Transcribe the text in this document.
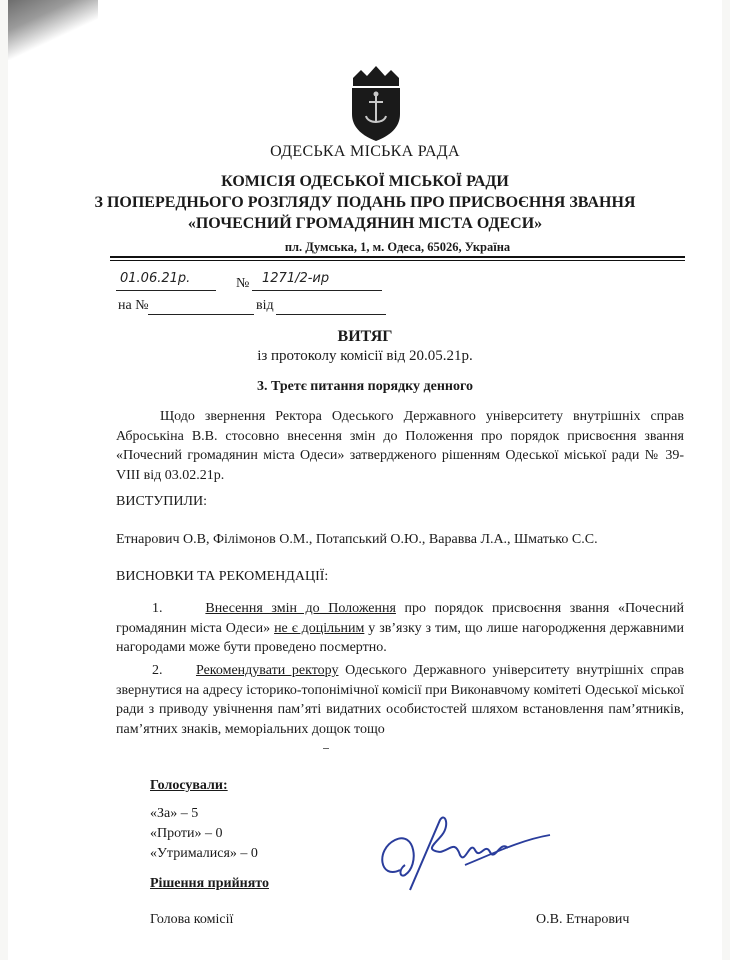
ОДЕСЬКА МІСЬКА РАДА
КОМІСІЯ ОДЕСЬКОЇ МІСЬКОЇ РАДИ
З ПОПЕРЕДНЬОГО РОЗГЛЯДУ ПОДАНЬ ПРО ПРИСВОЄННЯ ЗВАННЯ
«ПОЧЕСНИЙ ГРОМАДЯНИН МІСТА ОДЕСИ»
пл. Думська, 1, м. Одеса, 65026, Україна
01.06.21р.	№ 1271/2-ир
на №	від
ВИТЯГ
із протоколу комісії від 20.05.21р.
3. Третє питання порядку денного
Щодо звернення Ректора Одеського Державного університету внутрішніх справ Аброськіна В.В. стосовно внесення змін до Положення про порядок присвоєння звання «Почесний громадянин міста Одеси» затвердженого рішенням Одеської міської ради № 39-VIII від 03.02.21р.
ВИСТУПИЛИ:
Етнарович О.В, Філімонов О.М., Потапський О.Ю., Варавва Л.А., Шматько С.С.
ВИСНОВКИ ТА РЕКОМЕНДАЦІЇ:
1.	Внесення змін до Положення про порядок присвоєння звання «Почесний громадянин міста Одеси» не є доцільним у зв’язку з тим, що лише нагородження державними нагородами може бути проведено посмертно.
2. Рекомендувати ректору Одеського Державного університету внутрішніх справ звернутися на адресу історико-топонімічної комісії при Виконавчому комітеті Одеської міської ради з приводу увічнення пам’яті видатних особистостей шляхом встановлення пам’ятників, пам’ятних знаків, меморіальних дощок тощо
Голосували:
«За» – 5
«Проти» – 0
«Утрималися» – 0
Рішення прийнято
Голова комісії	О.В. Етнарович
